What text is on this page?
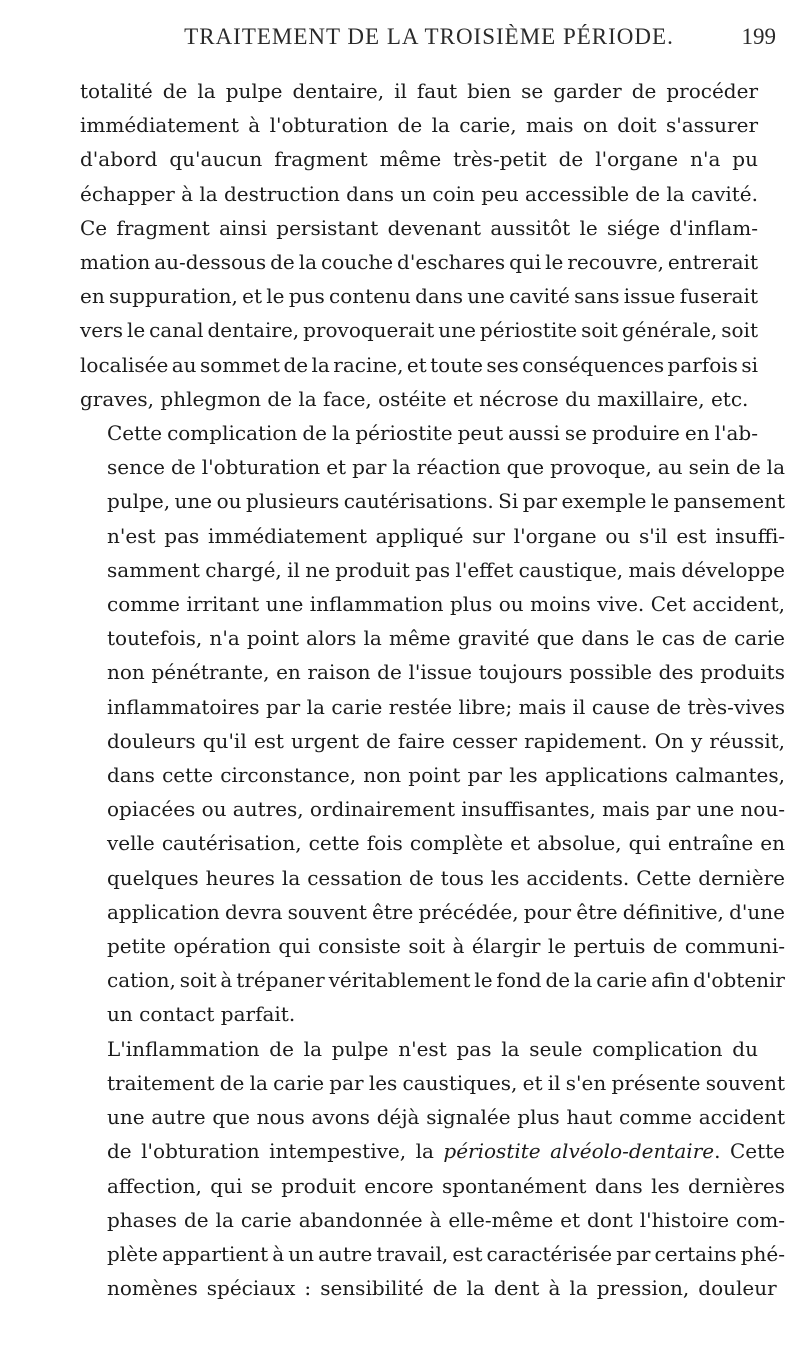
TRAITEMENT DE LA TROISIÈME PÉRIODE.	199

totalité de la pulpe dentaire, il faut bien se garder de procéder
immédiatement à l'obturation de la carie, mais on doit s'assurer
d'abord qu'aucun fragment même très-petit de l'organe n'a pu
échapper à la destruction dans un coin peu accessible de la cavité.
Ce fragment ainsi persistant devenant aussitôt le siége d'inflam-
mation au-dessous de la couche d'eschares qui le recouvre, entrerait
en suppuration, et le pus contenu dans une cavité sans issue fuserait
vers le canal dentaire, provoquerait une périostite soit générale, soit
localisée au sommet de la racine, et toute ses conséquences parfois si
graves, phlegmon de la face, ostéite et nécrose du maxillaire, etc.

Cette complication de la périostite peut aussi se produire en l'ab-
sence de l'obturation et par la réaction que provoque, au sein de la
pulpe, une ou plusieurs cautérisations. Si par exemple le pansement
n'est pas immédiatement appliqué sur l'organe ou s'il est insuffi-
samment chargé, il ne produit pas l'effet caustique, mais développe
comme irritant une inflammation plus ou moins vive. Cet accident,
toutefois, n'a point alors la même gravité que dans le cas de carie
non pénétrante, en raison de l'issue toujours possible des produits
inflammatoires par la carie restée libre; mais il cause de très-vives
douleurs qu'il est urgent de faire cesser rapidement. On y réussit,
dans cette circonstance, non point par les applications calmantes,
opiacées ou autres, ordinairement insuffisantes, mais par une nou-
velle cautérisation, cette fois complète et absolue, qui entraîne en
quelques heures la cessation de tous les accidents. Cette dernière
application devra souvent être précédée, pour être définitive, d'une
petite opération qui consiste soit à élargir le pertuis de communi-
cation, soit à trépaner véritablement le fond de la carie afin d'obtenir
un contact parfait.

L'inflammation de la pulpe n'est pas la seule complication du
traitement de la carie par les caustiques, et il s'en présente souvent
une autre que nous avons déjà signalée plus haut comme accident
de l'obturation intempestive, la périostite alvéolo-dentaire. Cette
affection, qui se produit encore spontanément dans les dernières
phases de la carie abandonnée à elle-même et dont l'histoire com-
plète appartient à un autre travail, est caractérisée par certains phé-
nomènes spéciaux : sensibilité de la dent à la pression, douleur
